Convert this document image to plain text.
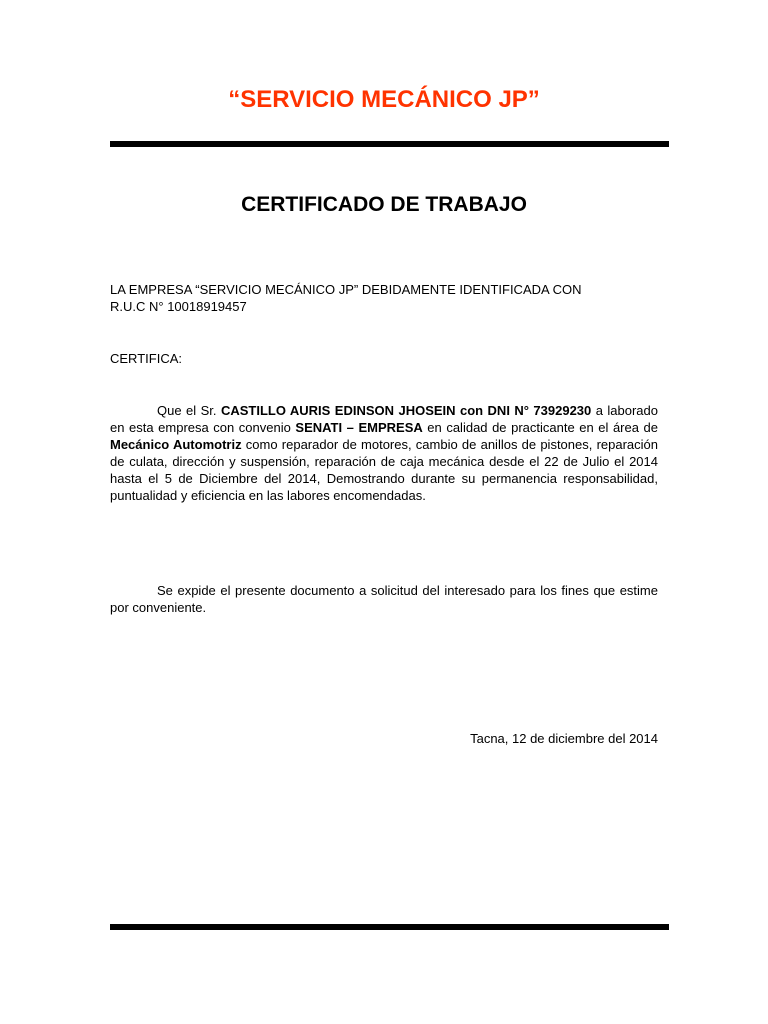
“SERVICIO MECÁNICO JP”
CERTIFICADO DE TRABAJO
LA EMPRESA “SERVICIO MECÁNICO JP” DEBIDAMENTE IDENTIFICADA CON
R.U.C N° 10018919457
CERTIFICA:
Que el Sr. CASTILLO AURIS EDINSON JHOSEIN con DNI N° 73929230 a laborado en esta empresa con convenio SENATI – EMPRESA en calidad de practicante en el área de Mecánico Automotriz como reparador de motores, cambio de anillos de pistones, reparación de culata, dirección y suspensión, reparación de caja mecánica desde el 22 de Julio el 2014 hasta el 5 de Diciembre del 2014, Demostrando durante su permanencia responsabilidad, puntualidad y eficiencia en las labores encomendadas.
Se expide el presente documento a solicitud del interesado para los fines que estime por conveniente.
Tacna, 12 de diciembre del 2014
